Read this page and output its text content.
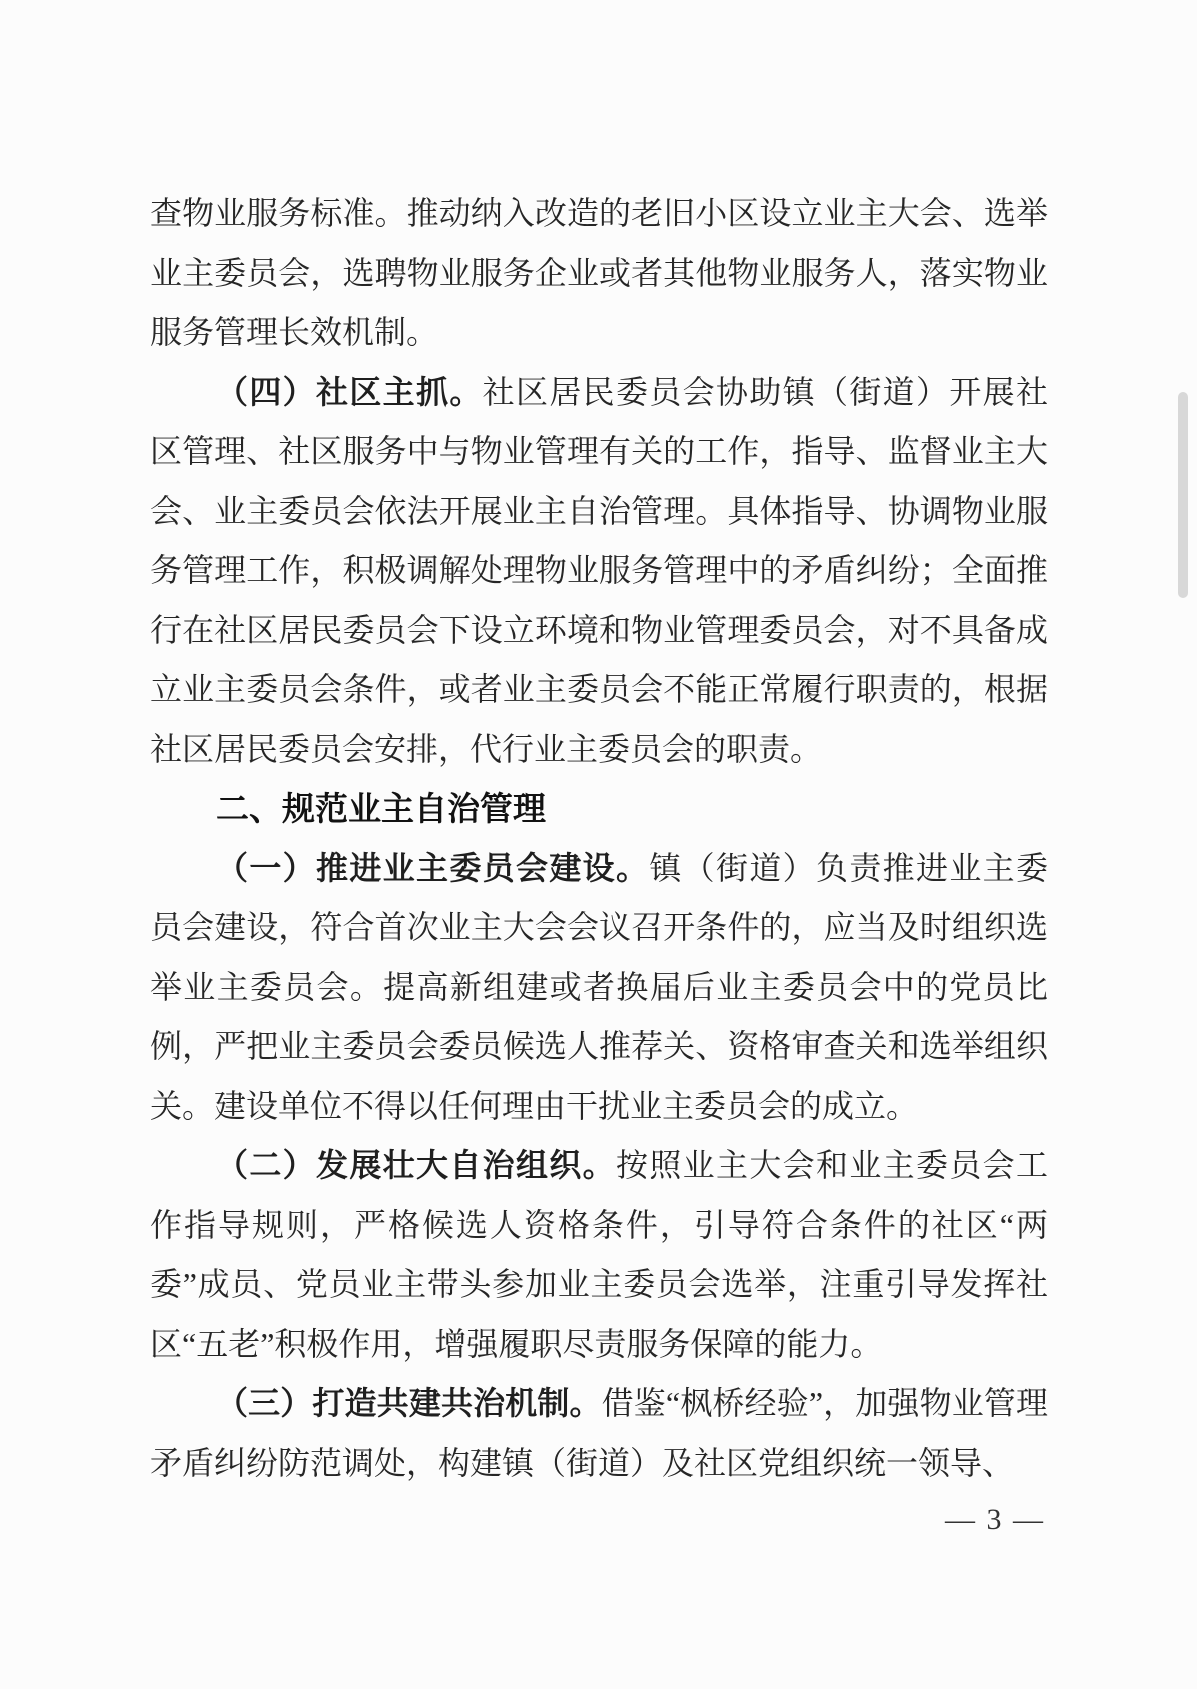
查物业服务标准。推动纳入改造的老旧小区设立业主大会、选举业主委员会，选聘物业服务企业或者其他物业服务人，落实物业服务管理长效机制。

（四）社区主抓。社区居民委员会协助镇（街道）开展社区管理、社区服务中与物业管理有关的工作，指导、监督业主大会、业主委员会依法开展业主自治管理。具体指导、协调物业服务管理工作，积极调解处理物业服务管理中的矛盾纠纷；全面推行在社区居民委员会下设立环境和物业管理委员会，对不具备成立业主委员会条件，或者业主委员会不能正常履行职责的，根据社区居民委员会安排，代行业主委员会的职责。

二、规范业主自治管理

（一）推进业主委员会建设。镇（街道）负责推进业主委员会建设，符合首次业主大会会议召开条件的，应当及时组织选举业主委员会。提高新组建或者换届后业主委员会中的党员比例，严把业主委员会委员候选人推荐关、资格审查关和选举组织关。建设单位不得以任何理由干扰业主委员会的成立。

（二）发展壮大自治组织。按照业主大会和业主委员会工作指导规则，严格候选人资格条件，引导符合条件的社区“两委”成员、党员业主带头参加业主委员会选举，注重引导发挥社区“五老”积极作用，增强履职尽责服务保障的能力。

（三）打造共建共治机制。借鉴“枫桥经验”，加强物业管理矛盾纠纷防范调处，构建镇（街道）及社区党组织统一领导、

— 3 —
